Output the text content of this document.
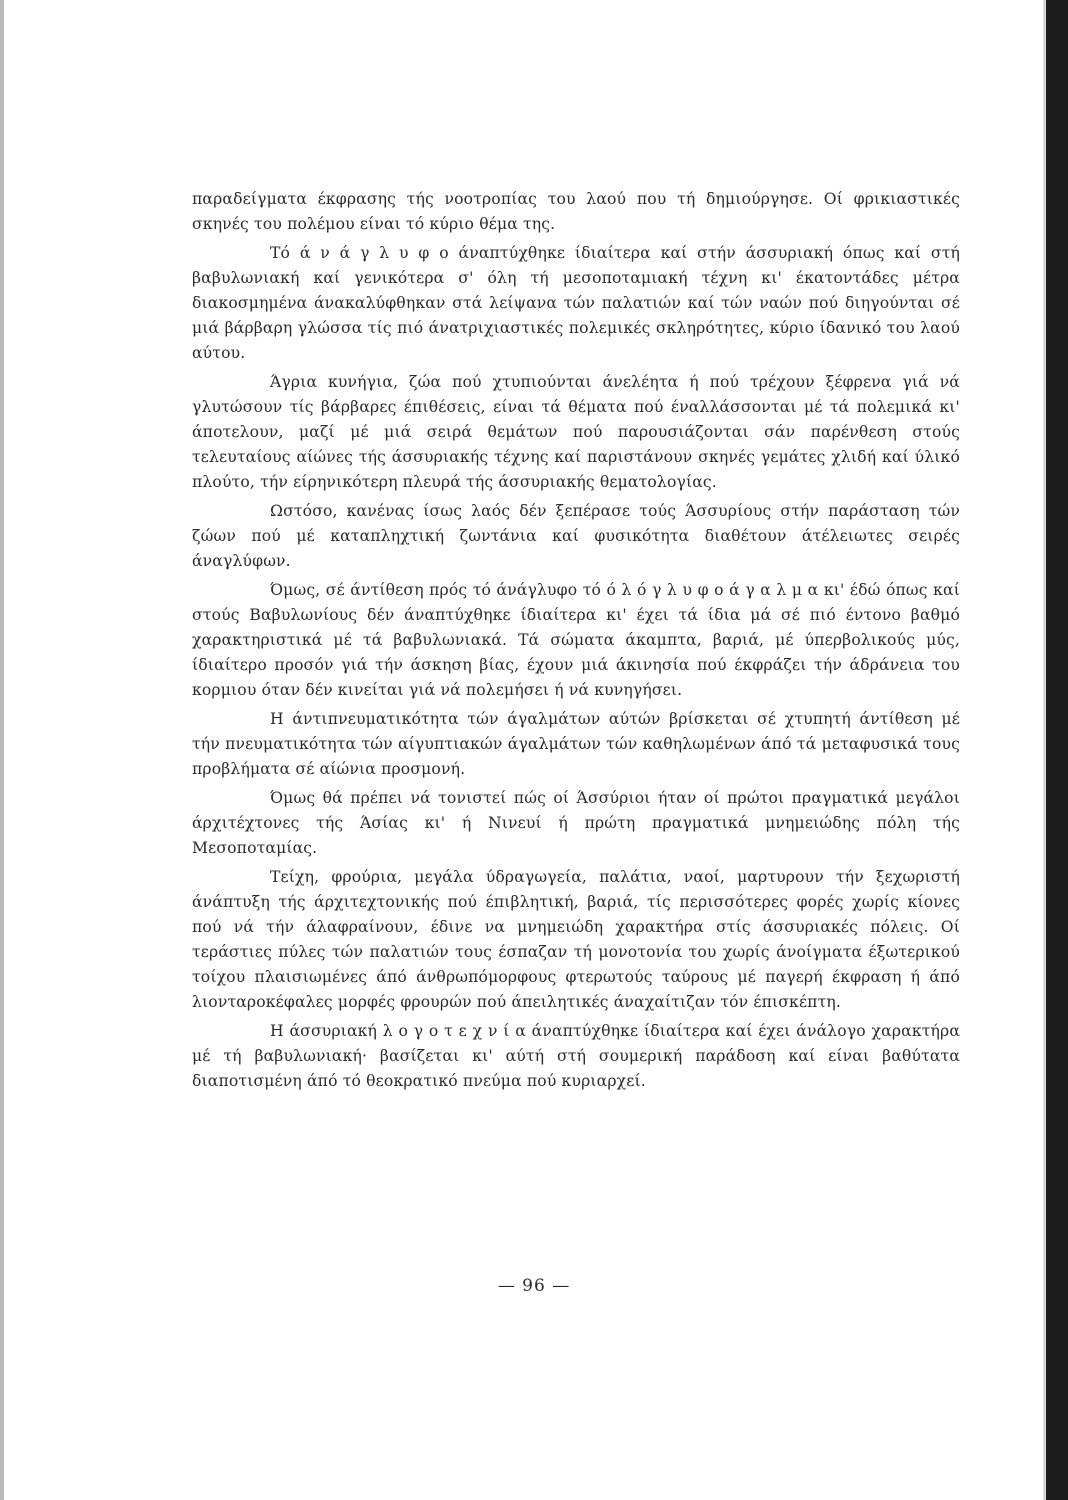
παραδείγματα έκφρασης τής νοοτροπίας του λαού που τή δημιούργησε. Οί φρικιαστικές σκηνές του πολέμου είναι τό κύριο θέμα της.

Τό ά ν ά γ λ υ φ ο άναπτύχθηκε ίδιαίτερα καί στήν άσσυριακή όπως καί στή βαβυλωνιακή καί γενικότερα σ' όλη τή μεσοποταμιακή τέχνη κι' έκατοντάδες μέτρα διακοσμημένα άνακαλύφθηκαν στά λείψανα τών παλατιών καί τών ναών πού διηγούνται σέ μιά βάρβαρη γλώσσα τίς πιό άνατριχιαστικές πολεμικές σκληρότητες, κύριο ίδανικό του λαού αύτου.

Άγρια κυνήγια, ζώα πού χτυπιούνται άνελέητα ή πού τρέχουν ξέφρενα γιά νά γλυτώσουν τίς βάρβαρες έπιθέσεις, είναι τά θέματα πού έναλλάσσονται μέ τά πολεμικά κι' άποτελουν, μαζί μέ μιά σειρά θεμάτων πού παρουσιάζονται σάν παρένθεση στούς τελευταίους αίώνες τής άσσυριακής τέχνης καί παριστάνουν σκηνές γεμάτες χλιδή καί ύλικό πλούτο, τήν είρηνικότερη πλευρά τής άσσυριακής θεματολογίας.

Ωστόσο, κανένας ίσως λαός δέν ξεπέρασε τούς Άσσυρίους στήν παράσταση τών ζώων πού μέ καταπληχτική ζωντάνια καί φυσικότητα διαθέτουν άτέλειωτες σειρές άναγλύφων.

Όμως, σέ άντίθεση πρός τό άνάγλυφο τό ό λ ό γ λ υ φ ο ά γ α λ μ α κι' έδώ όπως καί στούς Βαβυλωνίους δέν άναπτύχθηκε ίδιαίτερα κι' έχει τά ίδια μά σέ πιό έντονο βαθμό χαρακτηριστικά μέ τά βαβυλωνιακά. Τά σώματα άκαμπτα, βαριά, μέ ύπερβολικούς μύς, ίδιαίτερο προσόν γιά τήν άσκηση βίας, έχουν μιά άκινησία πού έκφράζει τήν άδράνεια του κορμιου όταν δέν κινείται γιά νά πολεμήσει ή νά κυνηγήσει.

Η άντιπνευματικότητα τών άγαλμάτων αύτών βρίσκεται σέ χτυπητή άντίθεση μέ τήν πνευματικότητα τών αίγυπτιακών άγαλμάτων τών καθηλωμένων άπό τά μεταφυσικά τους προβλήματα σέ αίώνια προσμονή.

Όμως θά πρέπει νά τονιστεί πώς οί Άσσύριοι ήταν οί πρώτοι πραγματικά μεγάλοι άρχιτέχτονες τής Άσίας κι' ή Νινευί ή πρώτη πραγματικά μνημειώδης πόλη τής Μεσοποταμίας.

Τείχη, φρούρια, μεγάλα ύδραγωγεία, παλάτια, ναοί, μαρτυρουν τήν ξεχωριστή άνάπτυξη τής άρχιτεχτονικής πού έπιβλητική, βαριά, τίς περισσότερες φορές χωρίς κίονες πού νά τήν άλαφραίνουν, έδινε να μνημειώδη χαρακτήρα στίς άσσυριακές πόλεις. Οί τεράστιες πύλες τών παλατιών τους έσπαζαν τή μονοτονία του χωρίς άνοίγματα έξωτερικού τοίχου πλαισιωμένες άπό άνθρωπόμορφους φτερωτούς ταύρους μέ παγερή έκφραση ή άπό λιονταροκέφαλες μορφές φρουρών πού άπειλητικές άναχαίτιζαν τόν έπισκέπτη.

Η άσσυριακή λ ο γ ο τ ε χ ν ί α άναπτύχθηκε ίδιαίτερα καί έχει άνάλογο χαρακτήρα μέ τή βαβυλωνιακή· βασίζεται κι' αύτή στή σουμερική παράδοση καί είναι βαθύτατα διαποτισμένη άπό τό θεοκρατικό πνεύμα πού κυριαρχεί.

— 96 —
